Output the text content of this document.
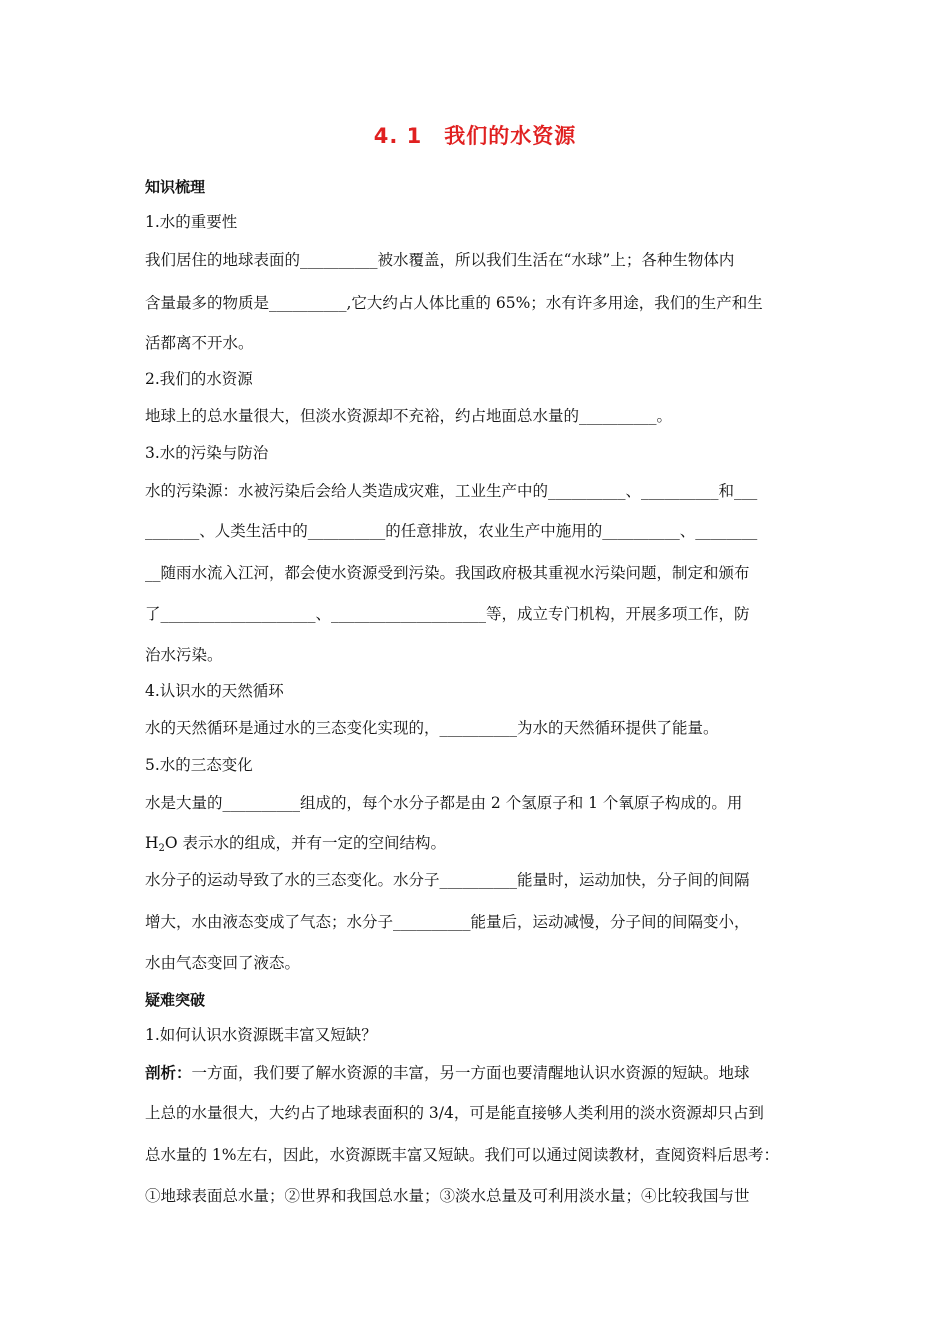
4. 1　我们的水资源
知识梳理
1.水的重要性
我们居住的地球表面的__________被水覆盖，所以我们生活在“水球”上；各种生物体内
含量最多的物质是__________,它大约占人体比重的 65%；水有许多用途，我们的生产和生
活都离不开水。
2.我们的水资源
地球上的总水量很大，但淡水资源却不充裕，约占地面总水量的__________。
3.水的污染与防治
水的污染源：水被污染后会给人类造成灾难，工业生产中的__________、__________和___
_______、人类生活中的__________的任意排放，农业生产中施用的__________、________
__随雨水流入江河，都会使水资源受到污染。我国政府极其重视水污染问题，制定和颁布
了____________________、____________________等，成立专门机构，开展多项工作，防
治水污染。
4.认识水的天然循环
水的天然循环是通过水的三态变化实现的，__________为水的天然循环提供了能量。
5.水的三态变化
水是大量的__________组成的，每个水分子都是由 2 个氢原子和 1 个氧原子构成的。用
$H_2O$ 表示水的组成，并有一定的空间结构。
水分子的运动导致了水的三态变化。水分子__________能量时，运动加快，分子间的间隔
增大，水由液态变成了气态；水分子__________能量后，运动减慢，分子间的间隔变小，
水由气态变回了液态。
疑难突破
1.如何认识水资源既丰富又短缺？
剖析：一方面，我们要了解水资源的丰富，另一方面也要清醒地认识水资源的短缺。地球
上总的水量很大，大约占了地球表面积的 3/4，可是能直接够人类利用的淡水资源却只占到
总水量的 1%左右，因此，水资源既丰富又短缺。我们可以通过阅读教材，查阅资料后思考：
①地球表面总水量；②世界和我国总水量；③淡水总量及可利用淡水量；④比较我国与世
